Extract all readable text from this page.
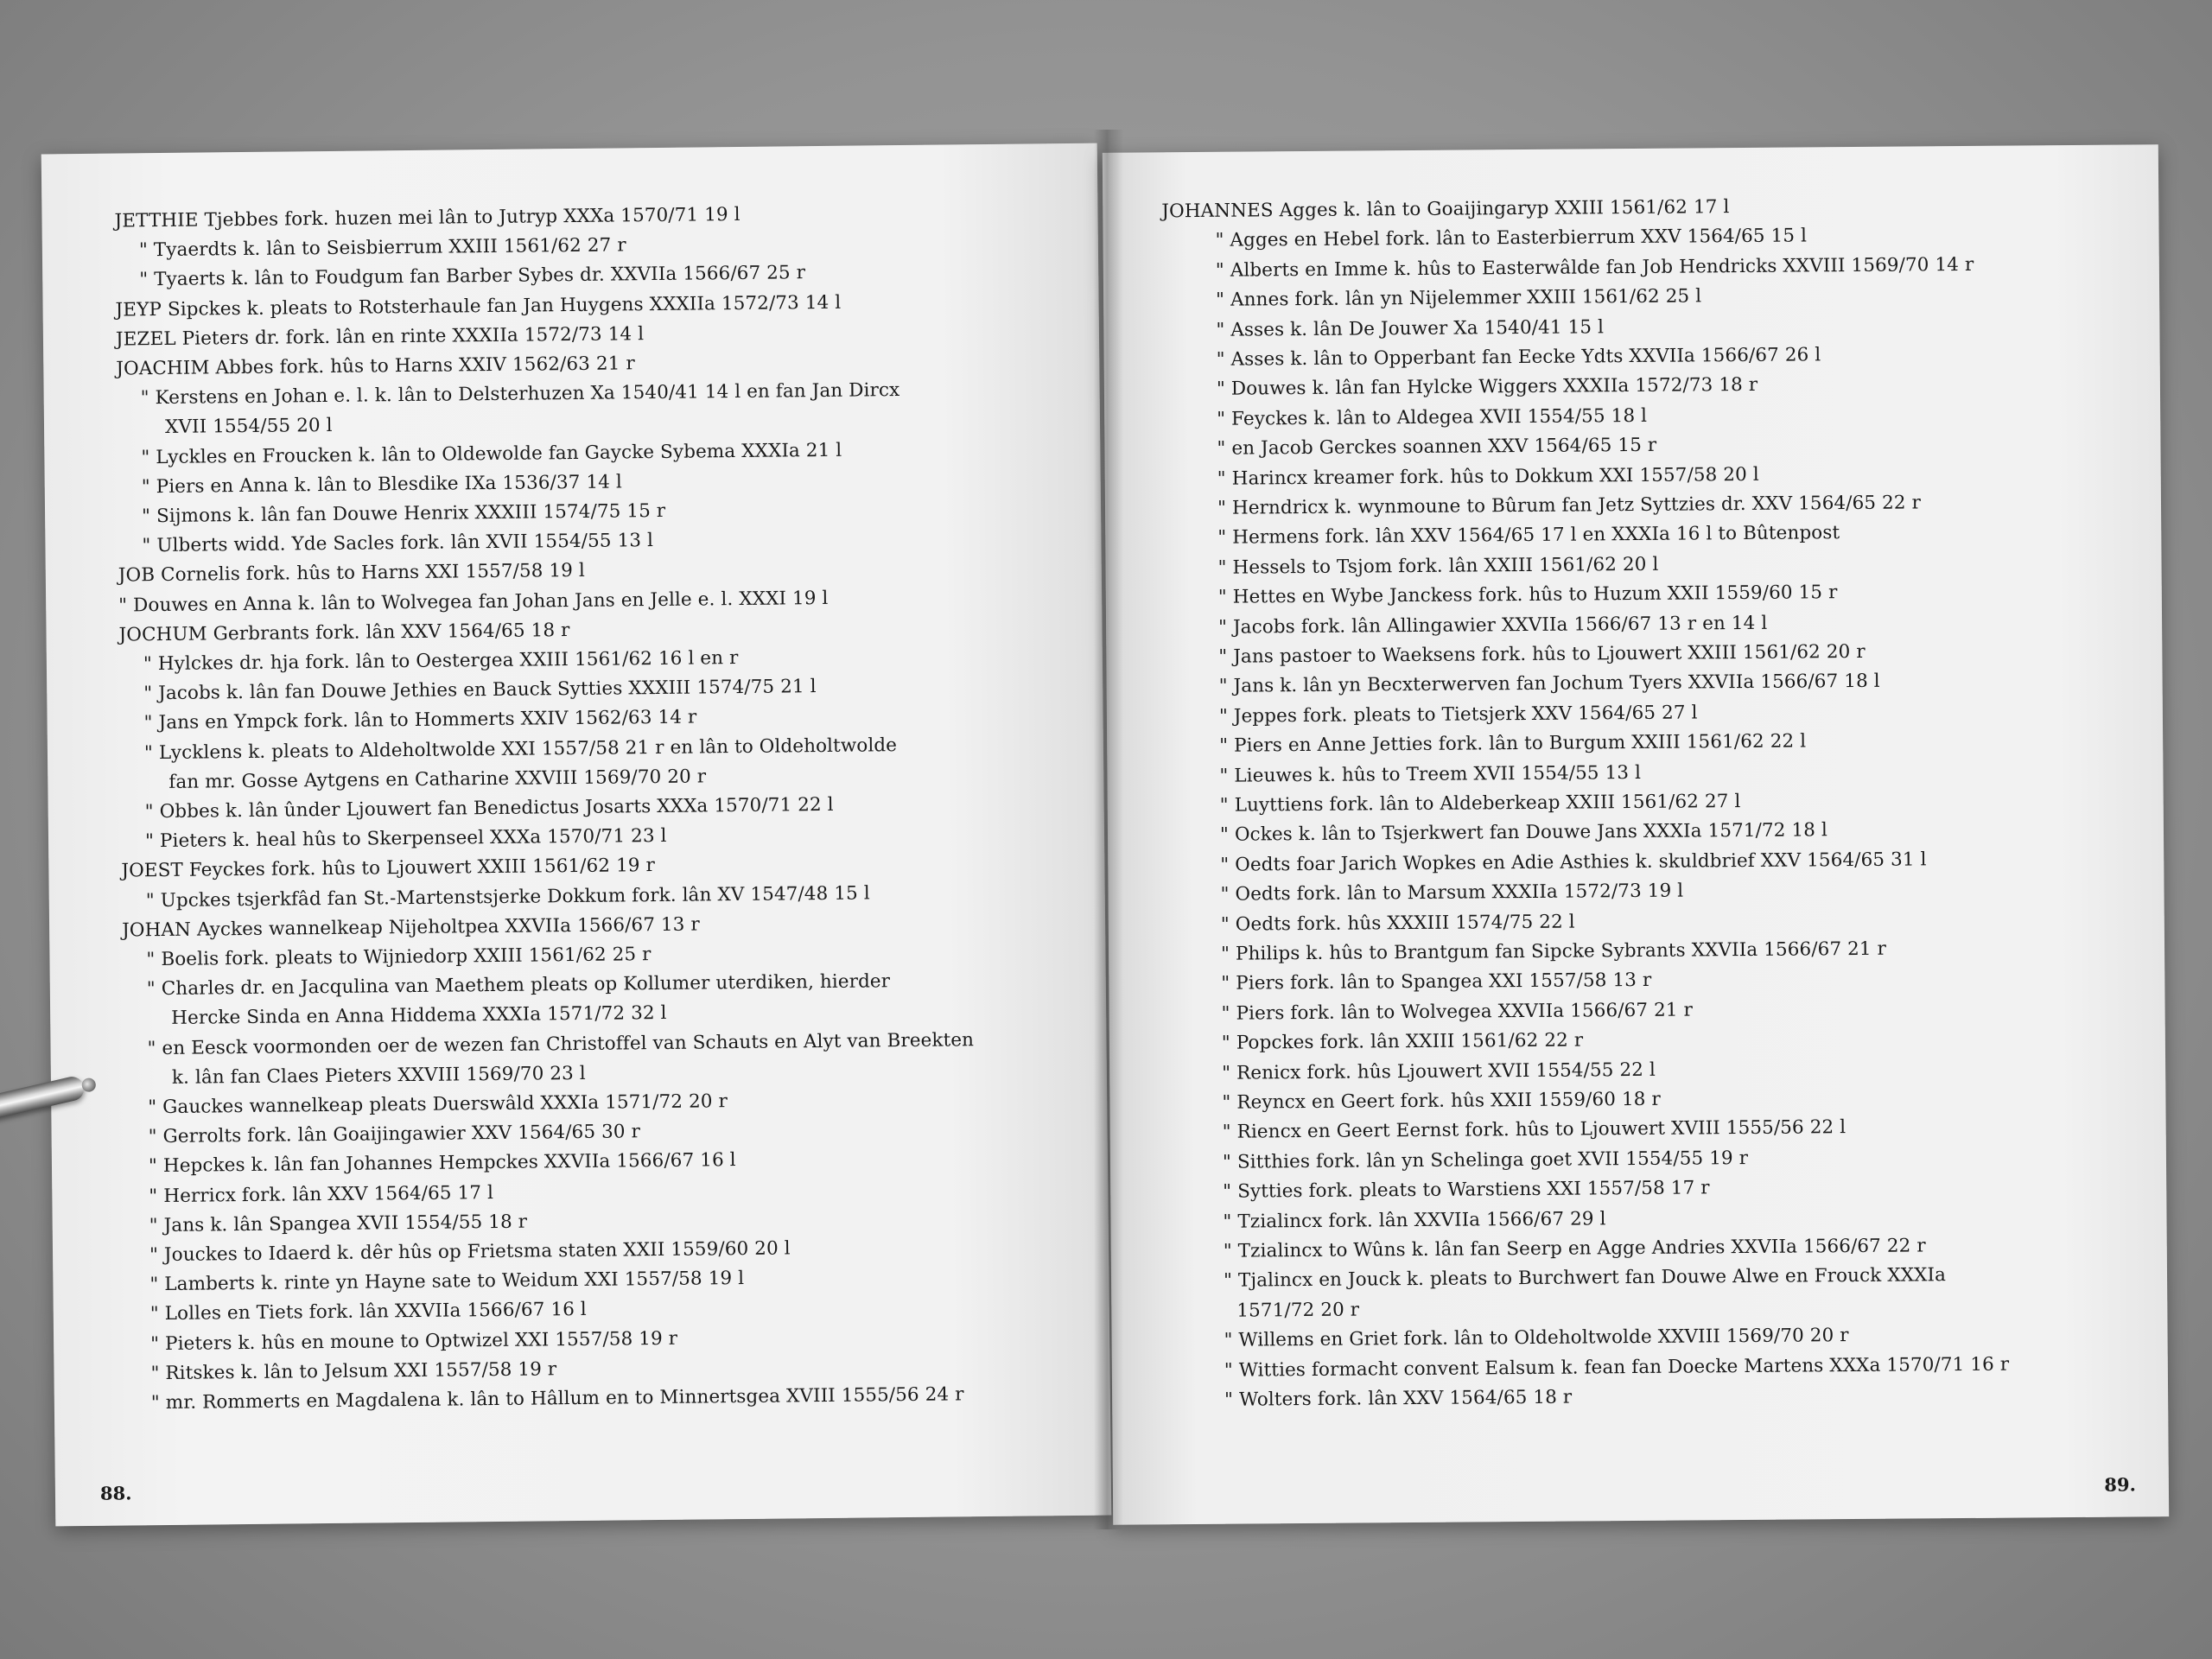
JETTHIE Tjebbes fork. huzen mei lân to Jutryp XXXa 1570/71 19 l
" Tyaerdts k. lân to Seisbierrum XXIII 1561/62 27 r
" Tyaerts k. lân to Foudgum fan Barber Sybes dr. XXVIIa 1566/67 25 r
JEYP Sipckes k. pleats to Rotsterhaule fan Jan Huygens XXXIIa 1572/73 14 l
JEZEL Pieters dr. fork. lân en rinte XXXIIa 1572/73 14 l
JOACHIM Abbes fork. hûs to Harns XXIV 1562/63 21 r
" Kerstens en Johan e. l. k. lân to Delsterhuzen Xa 1540/41 14 l en fan Jan Dircx
XVII 1554/55 20 l
" Lyckles en Froucken k. lân to Oldewolde fan Gaycke Sybema XXXIa 21 l
" Piers en Anna k. lân to Blesdike IXa 1536/37 14 l
" Sijmons k. lân fan Douwe Henrix XXXIII 1574/75 15 r
" Ulberts widd. Yde Sacles fork. lân XVII 1554/55 13 l
JOB Cornelis fork. hûs to Harns XXI 1557/58 19 l
" Douwes en Anna k. lân to Wolvegea fan Johan Jans en Jelle e. l. XXXI 19 l
JOCHUM Gerbrants fork. lân XXV 1564/65 18 r
" Hylckes dr. hja fork. lân to Oestergea XXIII 1561/62 16 l en r
" Jacobs k. lân fan Douwe Jethies en Bauck Sytties XXXIII 1574/75 21 l
" Jans en Ympck fork. lân to Hommerts XXIV 1562/63 14 r
" Lycklens k. pleats to Aldeholtwolde XXI 1557/58 21 r en lân to Oldeholtwolde
fan mr. Gosse Aytgens en Catharine XXVIII 1569/70 20 r
" Obbes k. lân ûnder Ljouwert fan Benedictus Josarts XXXa 1570/71 22 l
" Pieters k. heal hûs to Skerpenseel XXXa 1570/71 23 l
JOEST Feyckes fork. hûs to Ljouwert XXIII 1561/62 19 r
" Upckes tsjerkfâd fan St.-Martenstsjerke Dokkum fork. lân XV 1547/48 15 l
JOHAN Ayckes wannelkeap Nijeholtpea XXVIIa 1566/67 13 r
" Boelis fork. pleats to Wijniedorp XXIII 1561/62 25 r
" Charles dr. en Jacqulina van Maethem pleats op Kollumer uterdiken, hierder
Hercke Sinda en Anna Hiddema XXXIa 1571/72 32 l
" en Eesck voormonden oer de wezen fan Christoffel van Schauts en Alyt van Breekten
k. lân fan Claes Pieters XXVIII 1569/70 23 l
" Gauckes wannelkeap pleats Duerswâld XXXIa 1571/72 20 r
" Gerrolts fork. lân Goaijingawier XXV 1564/65 30 r
" Hepckes k. lân fan Johannes Hempckes XXVIIa 1566/67 16 l
" Herricx fork. lân XXV 1564/65 17 l
" Jans k. lân Spangea XVII 1554/55 18 r
" Jouckes to Idaerd k. dêr hûs op Frietsma staten XXII 1559/60 20 l
" Lamberts k. rinte yn Hayne sate to Weidum XXI 1557/58 19 l
" Lolles en Tiets fork. lân XXVIIa 1566/67 16 l
" Pieters k. hûs en moune to Optwizel XXI 1557/58 19 r
" Ritskes k. lân to Jelsum XXI 1557/58 19 r
" mr. Rommerts en Magdalena k. lân to Hâllum en to Minnertsgea XVIII 1555/56 24 r
88.
JOHANNES Agges k. lân to Goaijingaryp XXIII 1561/62 17 l
" Agges en Hebel fork. lân to Easterbierrum XXV 1564/65 15 l
" Alberts en Imme k. hûs to Easterwâlde fan Job Hendricks XXVIII 1569/70 14 r
" Annes fork. lân yn Nijelemmer XXIII 1561/62 25 l
" Asses k. lân De Jouwer Xa 1540/41 15 l
" Asses k. lân to Opperbant fan Eecke Ydts XXVIIa 1566/67 26 l
" Douwes k. lân fan Hylcke Wiggers XXXIIa 1572/73 18 r
" Feyckes k. lân to Aldegea XVII 1554/55 18 l
" en Jacob Gerckes soannen XXV 1564/65 15 r
" Harincx kreamer fork. hûs to Dokkum XXI 1557/58 20 l
" Herndricx k. wynmoune to Bûrum fan Jetz Syttzies dr. XXV 1564/65 22 r
" Hermens fork. lân XXV 1564/65 17 l en XXXIa 16 l to Bûtenpost
" Hessels to Tsjom fork. lân XXIII 1561/62 20 l
" Hettes en Wybe Janckess fork. hûs to Huzum XXII 1559/60 15 r
" Jacobs fork. lân Allingawier XXVIIa 1566/67 13 r en 14 l
" Jans pastoer to Waeksens fork. hûs to Ljouwert XXIII 1561/62 20 r
" Jans k. lân yn Becxterwerven fan Jochum Tyers XXVIIa 1566/67 18 l
" Jeppes fork. pleats to Tietsjerk XXV 1564/65 27 l
" Piers en Anne Jetties fork. lân to Burgum XXIII 1561/62 22 l
" Lieuwes k. hûs to Treem XVII 1554/55 13 l
" Luyttiens fork. lân to Aldeberkeap XXIII 1561/62 27 l
" Ockes k. lân to Tsjerkwert fan Douwe Jans XXXIa 1571/72 18 l
" Oedts foar Jarich Wopkes en Adie Asthies k. skuldbrief XXV 1564/65 31 l
" Oedts fork. lân to Marsum XXXIIa 1572/73 19 l
" Oedts fork. hûs XXXIII 1574/75 22 l
" Philips k. hûs to Brantgum fan Sipcke Sybrants XXVIIa 1566/67 21 r
" Piers fork. lân to Spangea XXI 1557/58 13 r
" Piers fork. lân to Wolvegea XXVIIa 1566/67 21 r
" Popckes fork. lân XXIII 1561/62 22 r
" Renicx fork. hûs Ljouwert XVII 1554/55 22 l
" Reyncx en Geert fork. hûs XXII 1559/60 18 r
" Riencx en Geert Eernst fork. hûs to Ljouwert XVIII 1555/56 22 l
" Sitthies fork. lân yn Schelinga goet XVII 1554/55 19 r
" Sytties fork. pleats to Warstiens XXI 1557/58 17 r
" Tzialincx fork. lân XXVIIa 1566/67 29 l
" Tzialincx to Wûns k. lân fan Seerp en Agge Andries XXVIIa 1566/67 22 r
" Tjalincx en Jouck k. pleats to Burchwert fan Douwe Alwe en Frouck XXXIa
1571/72 20 r
" Willems en Griet fork. lân to Oldeholtwolde XXVIII 1569/70 20 r
" Witties formacht convent Ealsum k. fean fan Doecke Martens XXXa 1570/71 16 r
" Wolters fork. lân XXV 1564/65 18 r
89.
